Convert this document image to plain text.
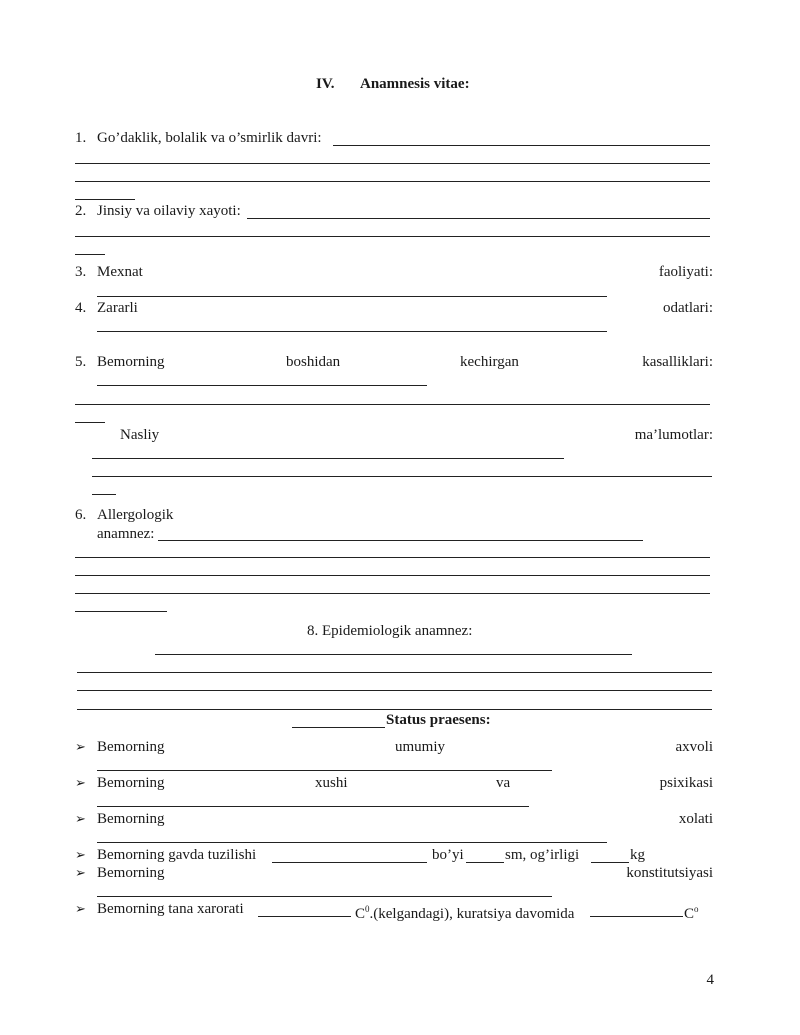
IV. Anamnesis vitae:
1. Go’daklik, bolalik va o’smirlik davri:
2. Jinsiy va oilaviy xayoti:
3. Mexnat	faoliyati:
4. Zararli	odatlari:
5. Bemorning	boshidan	kechirgan	kasalliklari:
Nasliy	ma’lumotlar:
6. Allergologik
anamnez:
8. Epidemiologik anamnez:
Status praesens:
➢ Bemorning	umumiy	axvoli
➢ Bemorning	xushi	va	psixikasi
➢ Bemorning	xolati
➢ Bemorning gavda tuzilishi	bo’yi	sm, og’irligi	kg
➢ Bemorning	konstitutsiyasi
➢ Bemorning tana xarorati	$C^0.(kelgandagi)$, kuratsiya davomida	$C^o$
4
